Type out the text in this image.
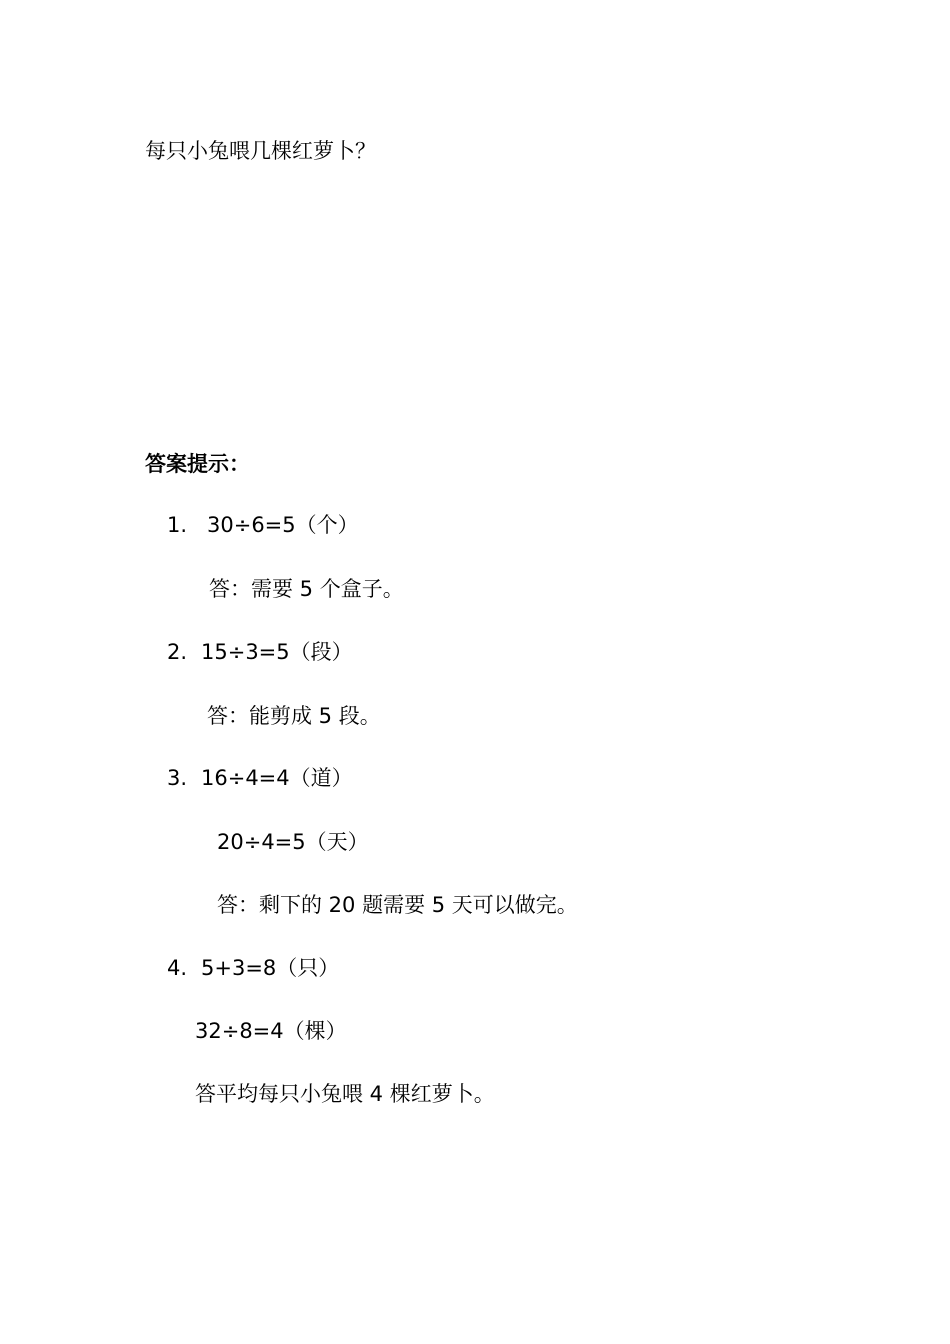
每只小兔喂几棵红萝卜？
答案提示：
1. 30÷6=5（个）
答：需要 5 个盒子。
2. 15÷3=5（段）
答：能剪成 5 段。
3. 16÷4=4（道）
20÷4=5（天）
答：剩下的 20 题需要 5 天可以做完。
4. 5+3=8（只）
32÷8=4（棵）
答平均每只小兔喂 4 棵红萝卜。
